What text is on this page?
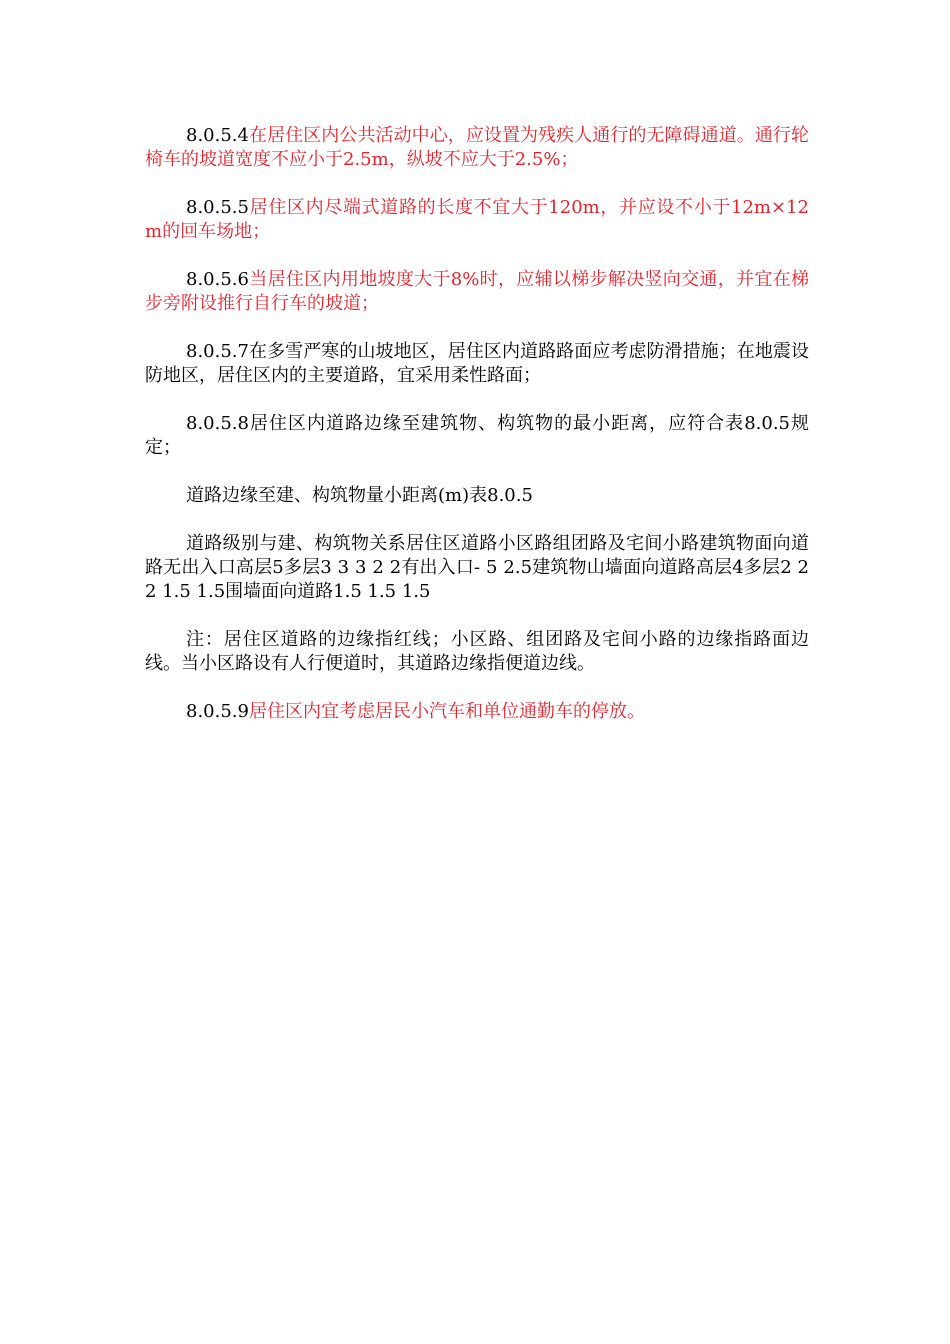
8.0.5.4在居住区内公共活动中心，应设置为残疾人通行的无障碍通道。通行轮椅车的坡道宽度不应小于2.5m，纵坡不应大于2.5%；

8.0.5.5居住区内尽端式道路的长度不宜大于120m，并应设不小于12m×12m的回车场地；

8.0.5.6当居住区内用地坡度大于8%时，应辅以梯步解决竖向交通，并宜在梯步旁附设推行自行车的坡道；

8.0.5.7在多雪严寒的山坡地区，居住区内道路路面应考虑防滑措施；在地震设防地区，居住区内的主要道路，宜采用柔性路面；

8.0.5.8居住区内道路边缘至建筑物、构筑物的最小距离，应符合表8.0.5规定；

道路边缘至建、构筑物量小距离(m)表8.0.5

道路级别与建、构筑物关系居住区道路小区路组团路及宅间小路建筑物面向道路无出入口高层5多层3 3 3 2 2有出入口- 5 2.5建筑物山墙面向道路高层4多层2 2 2 1.5 1.5围墙面向道路1.5 1.5 1.5

注：居住区道路的边缘指红线；小区路、组团路及宅间小路的边缘指路面边线。当小区路设有人行便道时，其道路边缘指便道边线。

8.0.5.9居住区内宜考虑居民小汽车和单位通勤车的停放。
